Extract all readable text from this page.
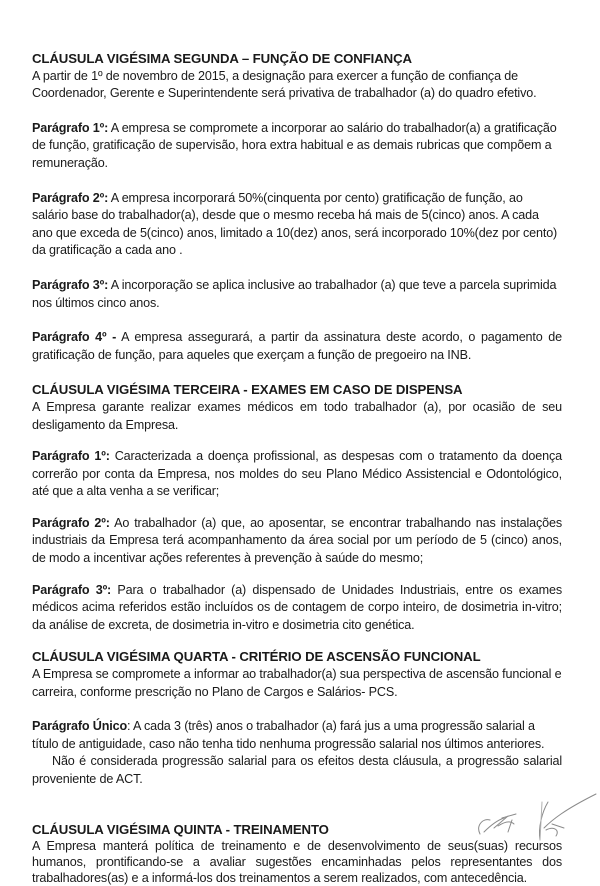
CLÁUSULA VIGÉSIMA SEGUNDA – FUNÇÃO DE CONFIANÇA

A partir de 1º de novembro de 2015, a designação para exercer a função de confiança de Coordenador, Gerente e Superintendente será privativa de trabalhador (a) do quadro efetivo.

Parágrafo 1º: A empresa se compromete a incorporar ao salário do trabalhador(a) a gratificação de função, gratificação de supervisão, hora extra habitual e as demais rubricas que compõem a remuneração.

Parágrafo 2º: A empresa incorporará 50%(cinquenta por cento) gratificação de função, ao salário base do trabalhador(a), desde que o mesmo receba há mais de 5(cinco) anos. A cada ano que exceda de 5(cinco) anos, limitado a 10(dez) anos, será incorporado 10%(dez por cento) da gratificação a cada ano .

Parágrafo 3º: A incorporação se aplica inclusive ao trabalhador (a) que teve a parcela suprimida nos últimos cinco anos.

Parágrafo 4º - A empresa assegurará, a partir da assinatura deste acordo, o pagamento de gratificação de função, para aqueles que exerçam a função de pregoeiro na INB.

CLÁUSULA VIGÉSIMA TERCEIRA - EXAMES EM CASO DE DISPENSA

A Empresa garante realizar exames médicos em todo trabalhador (a), por ocasião de seu desligamento da Empresa.

Parágrafo 1º: Caracterizada a doença profissional, as despesas com o tratamento da doença correrão por conta da Empresa, nos moldes do seu Plano Médico Assistencial e Odontológico, até que a alta venha a se verificar;

Parágrafo 2º: Ao trabalhador (a) que, ao aposentar, se encontrar trabalhando nas instalações industriais da Empresa terá acompanhamento da área social por um período de 5 (cinco) anos, de modo a incentivar ações referentes à prevenção à saúde do mesmo;

Parágrafo 3º: Para o trabalhador (a) dispensado de Unidades Industriais, entre os exames médicos acima referidos estão incluídos os de contagem de corpo inteiro, de dosimetria in-vitro; da análise de excreta, de dosimetria in-vitro e dosimetria cito genética.

CLÁUSULA VIGÉSIMA QUARTA - CRITÉRIO DE ASCENSÃO FUNCIONAL

A Empresa se compromete a informar ao trabalhador(a) sua perspectiva de ascensão funcional e carreira, conforme prescrição no Plano de Cargos e Salários- PCS.

Parágrafo Único: A cada 3 (três) anos o trabalhador (a) fará jus a uma progressão salarial a título de antiguidade, caso não tenha tido nenhuma progressão salarial nos últimos anteriores.

Não é considerada progressão salarial para os efeitos desta cláusula, a progressão salarial proveniente de ACT.

CLÁUSULA VIGÉSIMA QUINTA - TREINAMENTO

A Empresa manterá política de treinamento e de desenvolvimento de seus(suas) recursos humanos, prontificando-se a avaliar sugestões encaminhadas pelos representantes dos trabalhadores(as) e a informá-los dos treinamentos a serem realizados, com antecedência.
